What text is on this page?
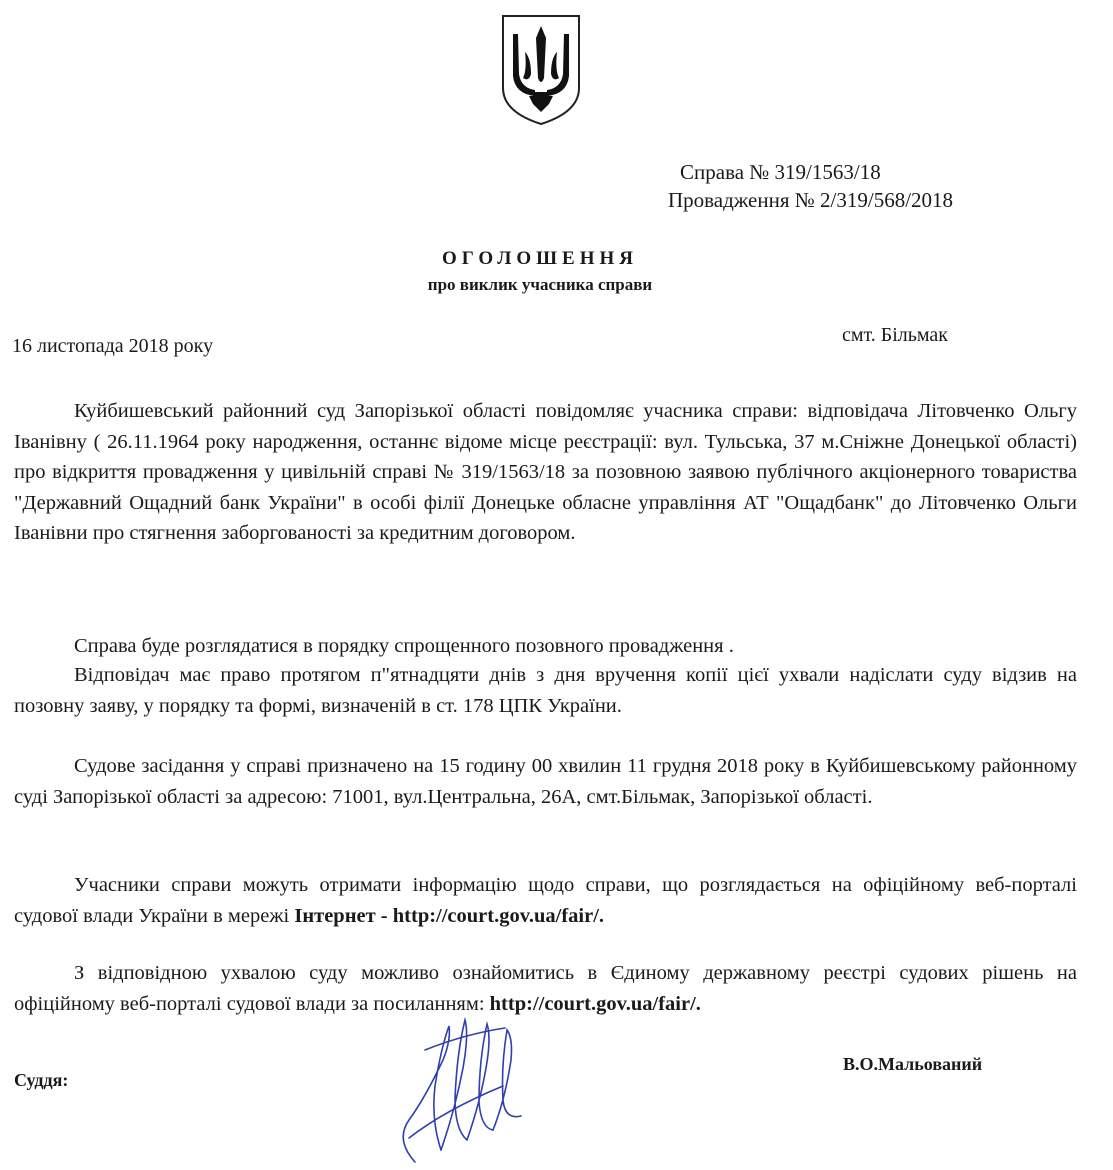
Справа № 319/1563/18
Провадження № 2/319/568/2018
ОГОЛОШЕННЯ
про виклик учасника справи
16 листопада 2018 року	смт. Більмак

Куйбишевський районний суд Запорізької області повідомляє учасника справи: відповідача Літовченко Ольгу Іванівну ( 26.11.1964 року народження, останнє відоме місце реєстрації: вул. Тульська, 37 м.Сніжне Донецької області) про відкриття провадження у цивільній справі № 319/1563/18 за позовною заявою публічного акціонерного товариства "Державний Ощадний банк України" в особі філії Донецьке обласне управління АТ "Ощадбанк" до Літовченко Ольги Іванівни про стягнення заборгованості за кредитним договором.

Справа буде розглядатися в порядку спрощенного позовного провадження .

Відповідач має право протягом п"ятнадцяти днів з дня вручення копії цієї ухвали надіслати суду відзив на позовну заяву, у порядку та формі, визначеній в ст. 178 ЦПК України.

Судове засідання у справі призначено на 15 годину 00 хвилин 11 грудня 2018 року в Куйбишевському районному суді Запорізької області за адресою: 71001, вул.Центральна, 26А, смт.Більмак, Запорізької області.

Учасники справи можуть отримати інформацію щодо справи, що розглядається на офіційному веб-порталі судової влади України в мережі Інтернет - http://court.gov.ua/fair/.

З відповідною ухвалою суду можливо ознайомитись в Єдиному державному реєстрі судових рішень на офіційному веб-порталі судової влади за посиланням: http://court.gov.ua/fair/.

Суддя:
В.О.Мальований
